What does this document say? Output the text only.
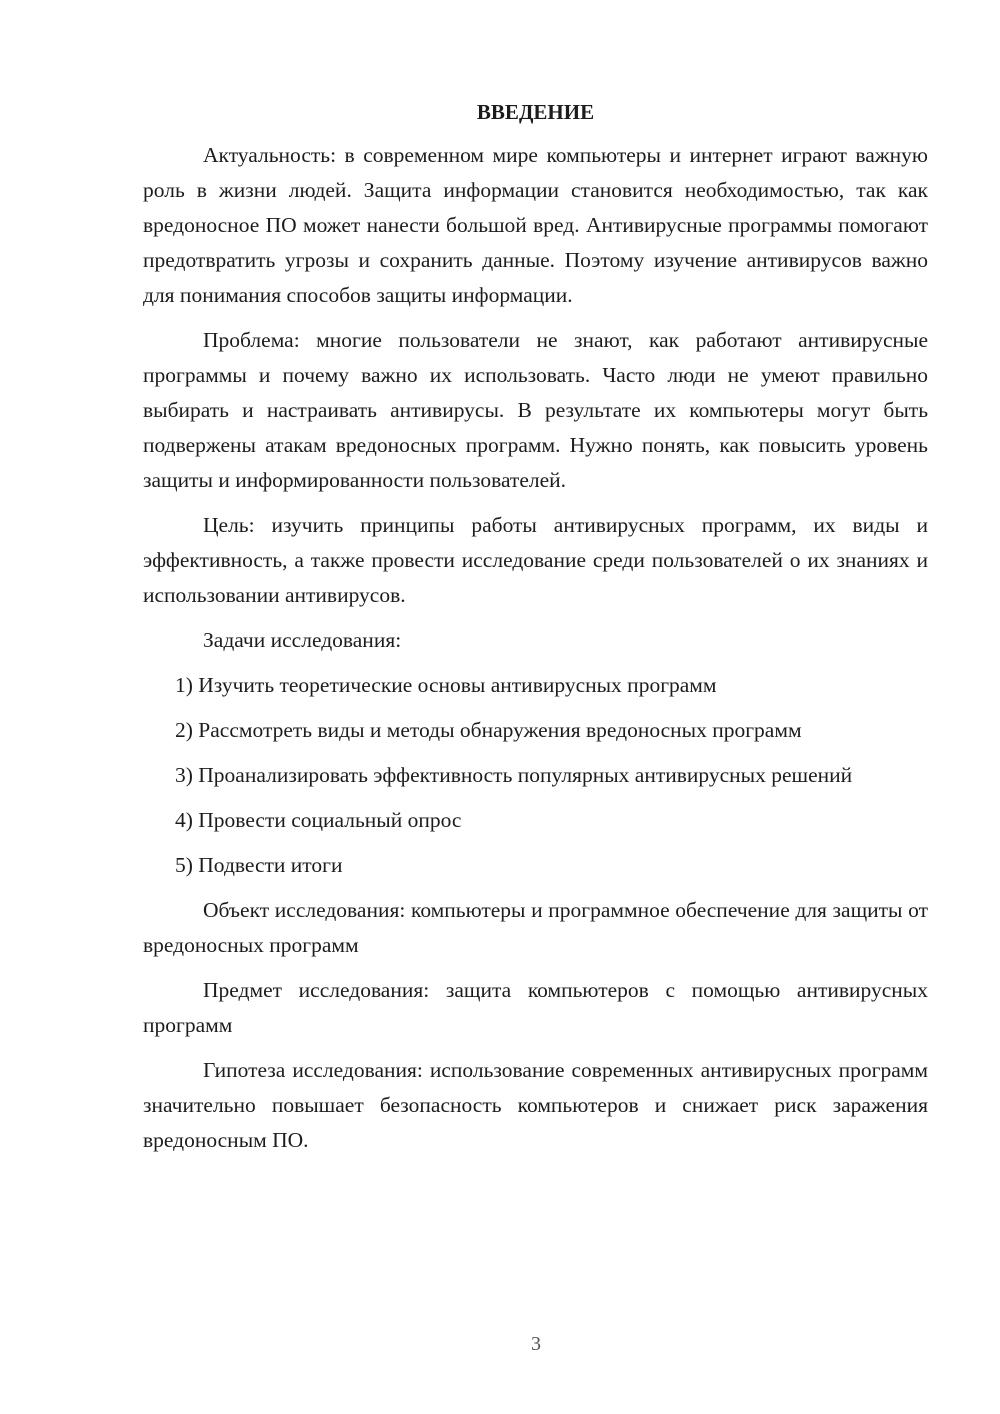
ВВЕДЕНИЕ

Актуальность: в современном мире компьютеры и интернет играют важную роль в жизни людей. Защита информации становится необходимостью, так как вредоносное ПО может нанести большой вред. Антивирусные программы помогают предотвратить угрозы и сохранить данные. Поэтому изучение антивирусов важно для понимания способов защиты информации.

Проблема: многие пользователи не знают, как работают антивирусные программы и почему важно их использовать. Часто люди не умеют правильно выбирать и настраивать антивирусы. В результате их компьютеры могут быть подвержены атакам вредоносных программ. Нужно понять, как повысить уровень защиты и информированности пользователей.

Цель: изучить принципы работы антивирусных программ, их виды и эффективность, а также провести исследование среди пользователей о их знаниях и использовании антивирусов.

Задачи исследования:

1) Изучить теоретические основы антивирусных программ

2) Рассмотреть виды и методы обнаружения вредоносных программ

3) Проанализировать эффективность популярных антивирусных решений

4) Провести социальный опрос

5) Подвести итоги

Объект исследования: компьютеры и программное обеспечение для защиты от вредоносных программ

Предмет исследования: защита компьютеров с помощью антивирусных программ

Гипотеза исследования: использование современных антивирусных программ значительно повышает безопасность компьютеров и снижает риск заражения вредоносным ПО.

3
